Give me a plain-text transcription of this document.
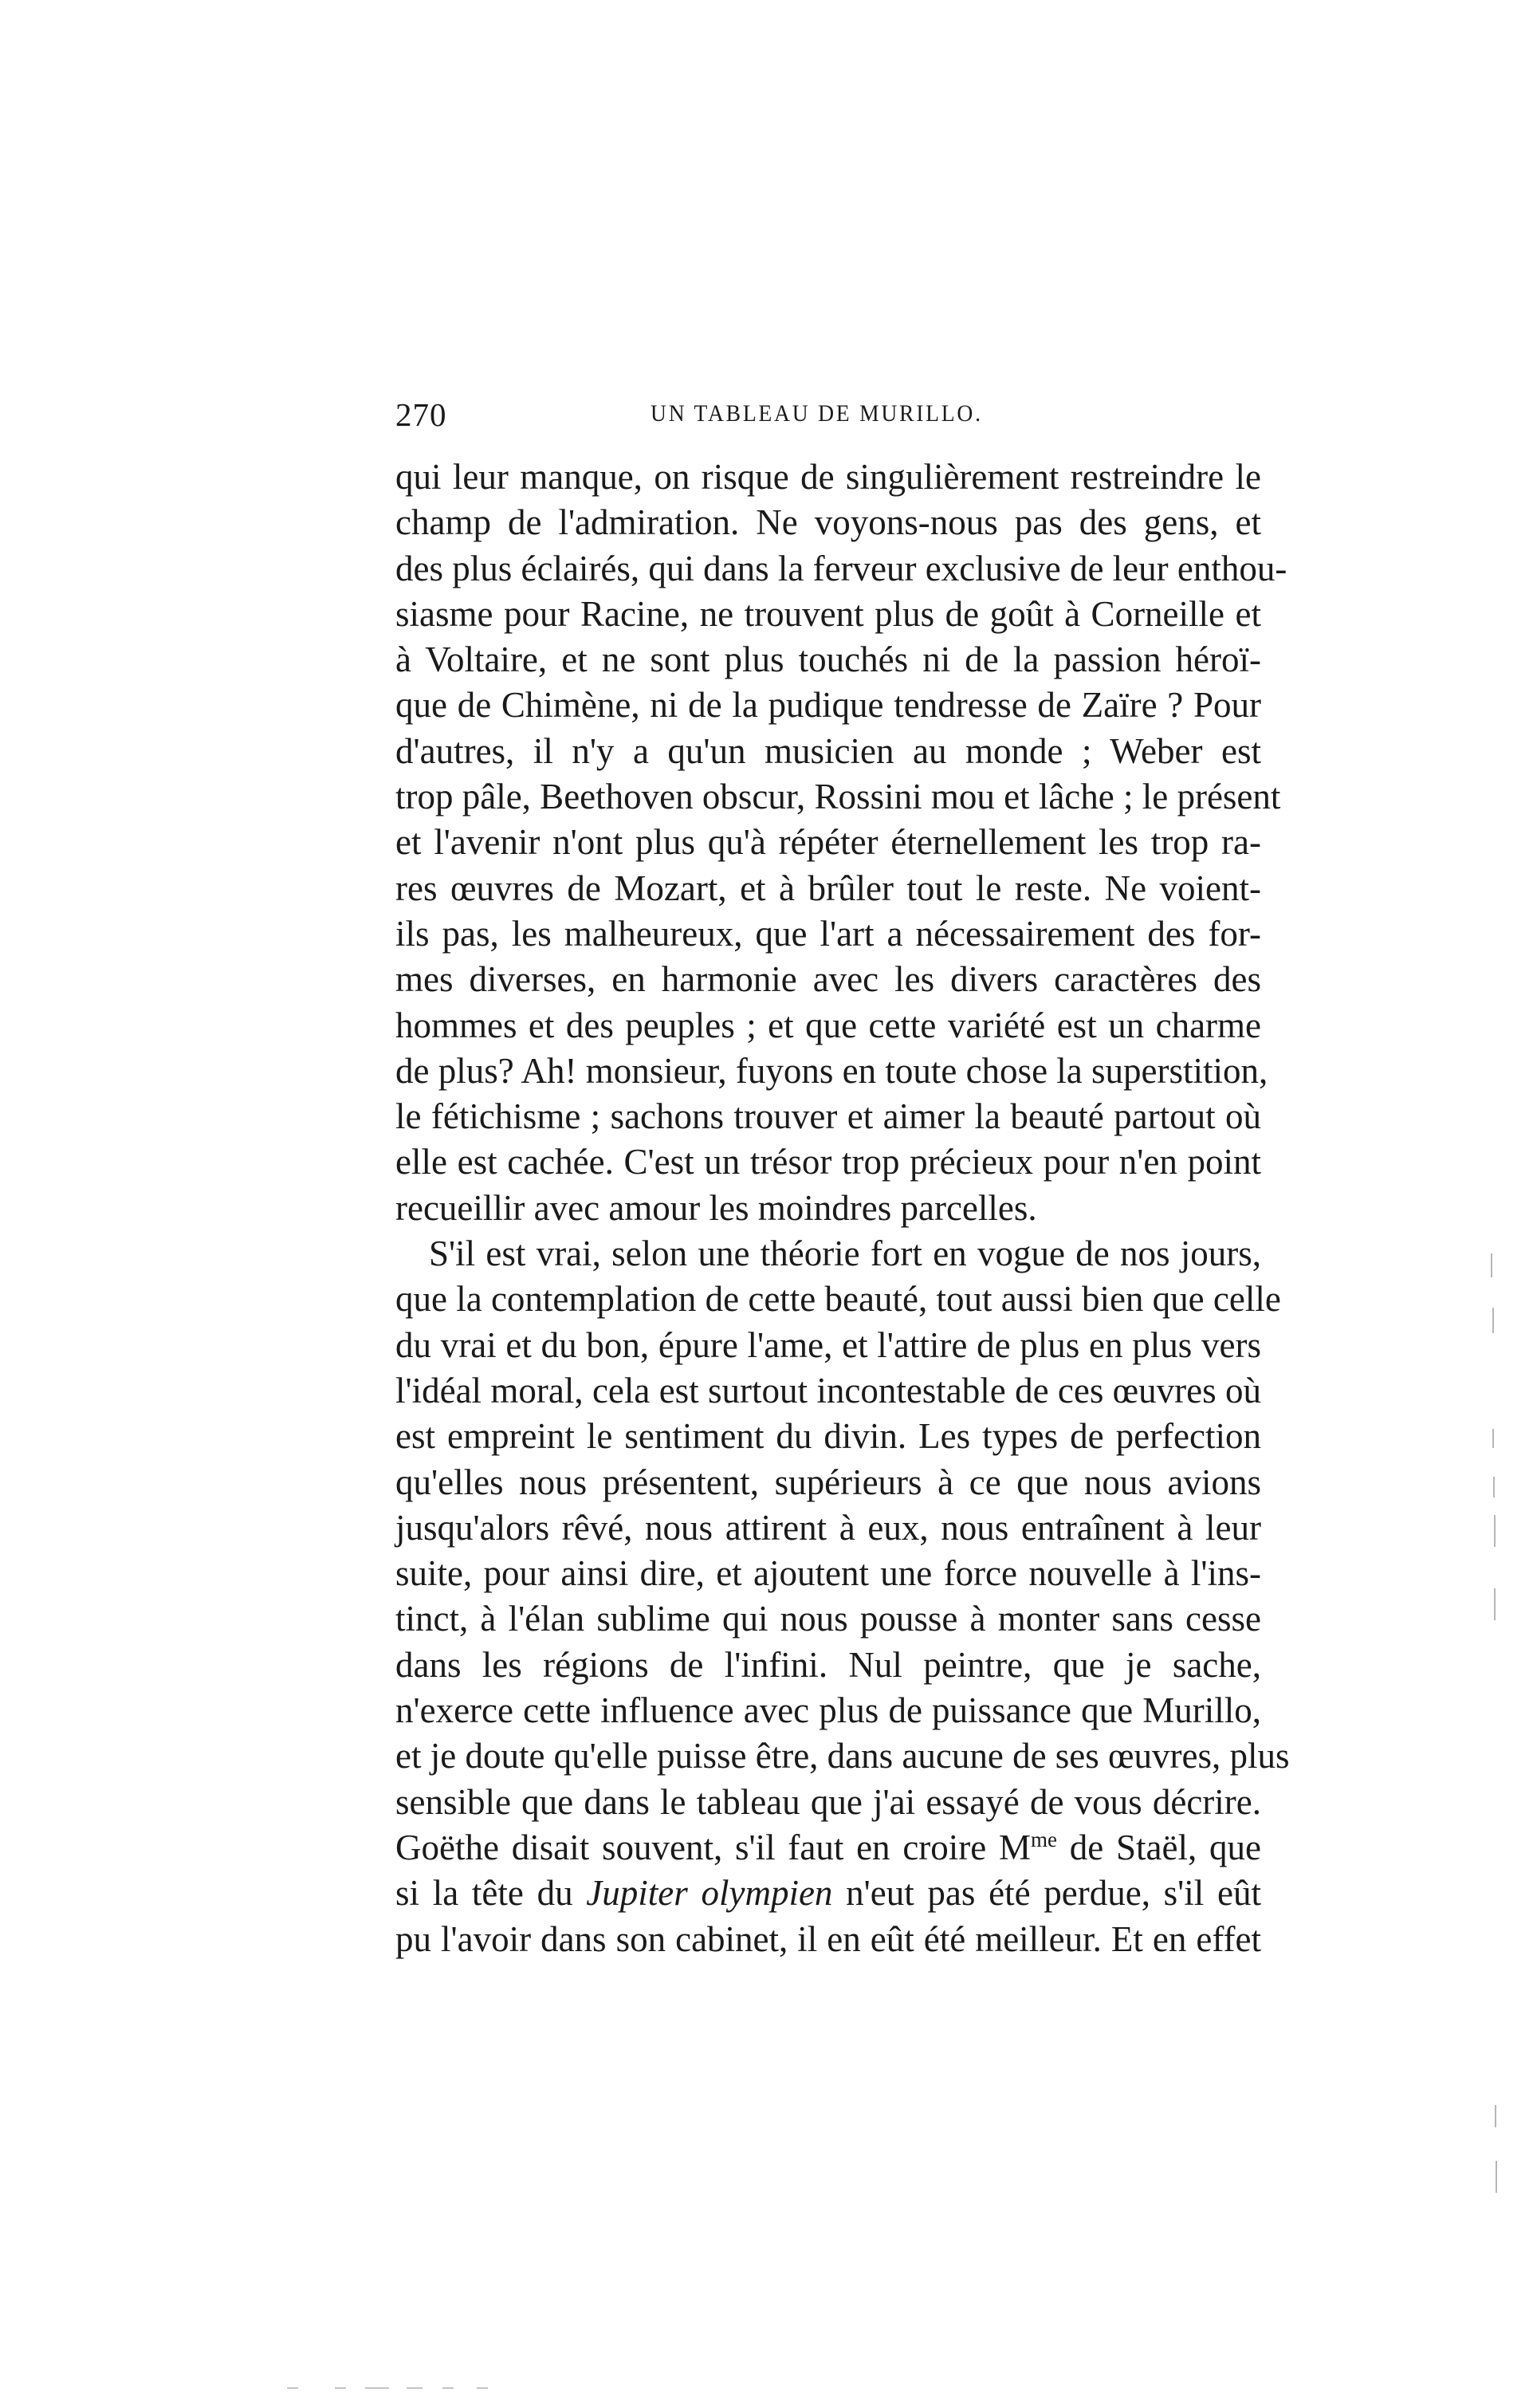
270	UN TABLEAU DE MURILLO.
qui leur manque, on risque de singulièrement restreindre le
champ de l'admiration. Ne voyons-nous pas des gens, et
des plus éclairés, qui dans la ferveur exclusive de leur enthou-
siasme pour Racine, ne trouvent plus de goût à Corneille et
à Voltaire, et ne sont plus touchés ni de la passion héroï-
que de Chimène, ni de la pudique tendresse de Zaïre ? Pour
d'autres, il n'y a qu'un musicien au monde ; Weber est
trop pâle, Beethoven obscur, Rossini mou et lâche ; le présent
et l'avenir n'ont plus qu'à répéter éternellement les trop ra-
res œuvres de Mozart, et à brûler tout le reste. Ne voient-
ils pas, les malheureux, que l'art a nécessairement des for-
mes diverses, en harmonie avec les divers caractères des
hommes et des peuples ; et que cette variété est un charme
de plus? Ah! monsieur, fuyons en toute chose la superstition,
le fétichisme ; sachons trouver et aimer la beauté partout où
elle est cachée. C'est un trésor trop précieux pour n'en point
recueillir avec amour les moindres parcelles.
S'il est vrai, selon une théorie fort en vogue de nos jours,
que la contemplation de cette beauté, tout aussi bien que celle
du vrai et du bon, épure l'ame, et l'attire de plus en plus vers
l'idéal moral, cela est surtout incontestable de ces œuvres où
est empreint le sentiment du divin. Les types de perfection
qu'elles nous présentent, supérieurs à ce que nous avions
jusqu'alors rêvé, nous attirent à eux, nous entraînent à leur
suite, pour ainsi dire, et ajoutent une force nouvelle à l'ins-
tinct, à l'élan sublime qui nous pousse à monter sans cesse
dans les régions de l'infini. Nul peintre, que je sache,
n'exerce cette influence avec plus de puissance que Murillo,
et je doute qu'elle puisse être, dans aucune de ses œuvres, plus
sensible que dans le tableau que j'ai essayé de vous décrire.
Goëthe disait souvent, s'il faut en croire $M^{me}$ de Staël, que
si la tête du Jupiter olympien n'eut pas été perdue, s'il eût
pu l'avoir dans son cabinet, il en eût été meilleur. Et en effet
